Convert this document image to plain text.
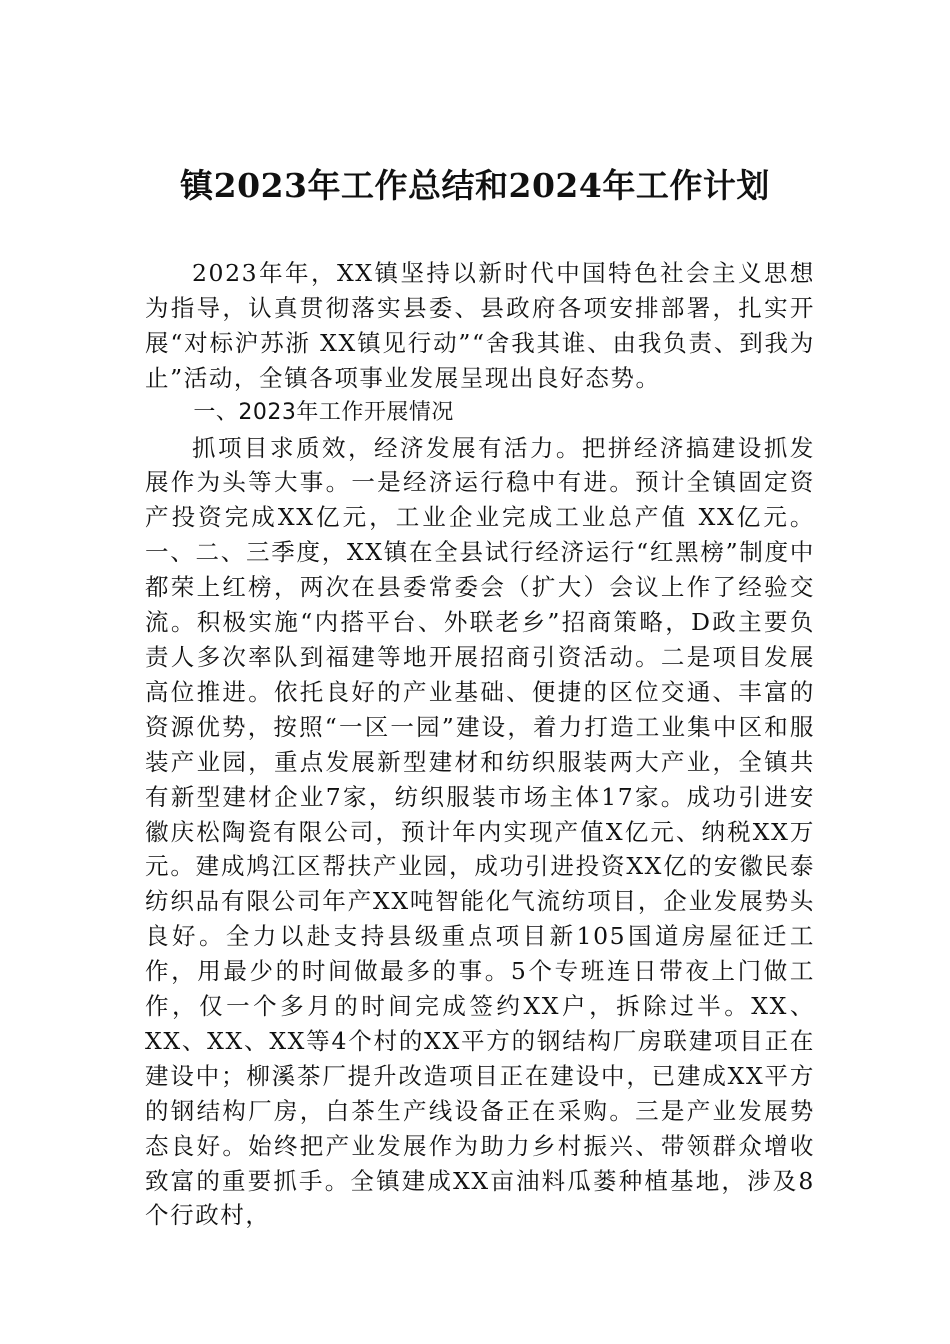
镇2023年工作总结和2024年工作计划

2023年年，XX镇坚持以新时代中国特色社会主义思想为指导，认真贯彻落实县委、县政府各项安排部署，扎实开展“对标沪苏浙 XX镇见行动”“舍我其谁、由我负责、到我为止”活动，全镇各项事业发展呈现出良好态势。

一、2023年工作开展情况

抓项目求质效，经济发展有活力。把拼经济搞建设抓发展作为头等大事。一是经济运行稳中有进。预计全镇固定资产投资完成XX亿元，工业企业完成工业总产值 XX亿元。一、二、三季度，XX镇在全县试行经济运行“红黑榜”制度中都荣上红榜，两次在县委常委会（扩大）会议上作了经验交流。积极实施“内搭平台、外联老乡”招商策略，D政主要负责人多次率队到福建等地开展招商引资活动。二是项目发展高位推进。依托良好的产业基础、便捷的区位交通、丰富的资源优势，按照“一区一园”建设，着力打造工业集中区和服装产业园，重点发展新型建材和纺织服装两大产业，全镇共有新型建材企业7家，纺织服装市场主体17家。成功引进安徽庆松陶瓷有限公司，预计年内实现产值X亿元、纳税XX万元。建成鸠江区帮扶产业园，成功引进投资XX亿的安徽民泰纺织品有限公司年产XX吨智能化气流纺项目，企业发展势头良好。全力以赴支持县级重点项目新105国道房屋征迁工作，用最少的时间做最多的事。5个专班连日带夜上门做工作，仅一个多月的时间完成签约XX户，拆除过半。XX、XX、XX、XX等4个村的XX平方的钢结构厂房联建项目正在建设中；柳溪茶厂提升改造项目正在建设中，已建成XX平方的钢结构厂房，白茶生产线设备正在采购。三是产业发展势态良好。始终把产业发展作为助力乡村振兴、带领群众增收致富的重要抓手。全镇建成XX亩油料瓜蒌种植基地，涉及8个行政村，
